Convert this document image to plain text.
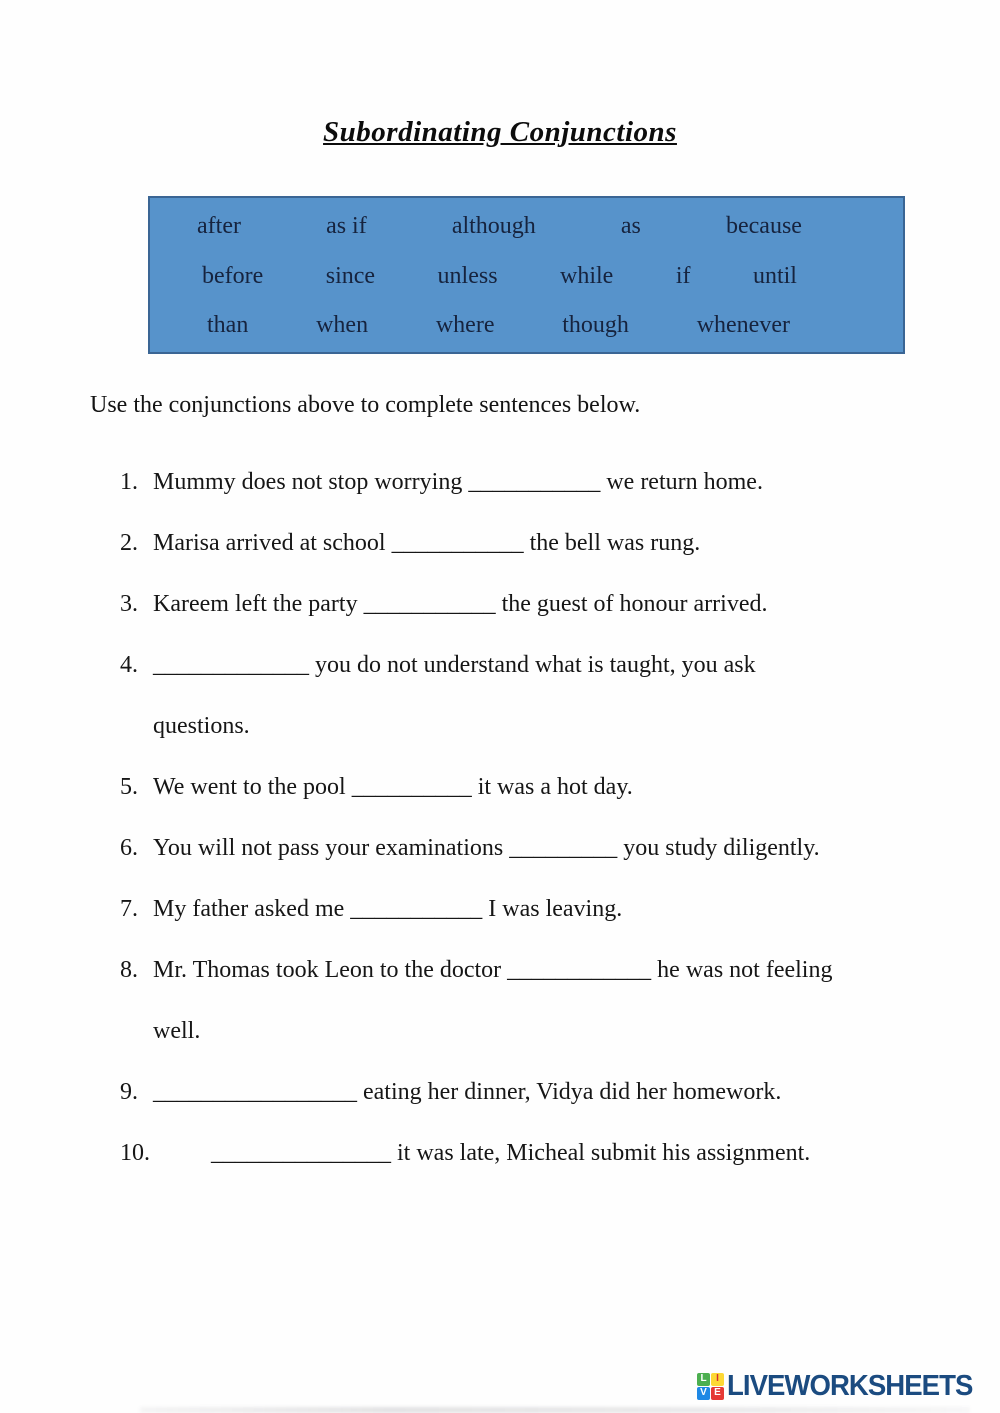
Subordinating Conjunctions
after	as if	although	as	because
before	since	unless	while	if	until
than	when	where	though	whenever
Use the conjunctions above to complete sentences below.
1. Mummy does not stop worrying ___________ we return home.
2. Marisa arrived at school ___________ the bell was rung.
3. Kareem left the party ___________ the guest of honour arrived.
4. _____________ you do not understand what is taught, you ask
questions.
5. We went to the pool __________ it was a hot day.
6. You will not pass your examinations _________ you study diligently.
7. My father asked me ___________ I was leaving.
8. Mr. Thomas took Leon to the doctor ____________ he was not feeling
well.
9. _________________ eating her dinner, Vidya did her homework.
10.	_______________ it was late, Micheal submit his assignment.
L I
V E LIVEWORKSHEETS
